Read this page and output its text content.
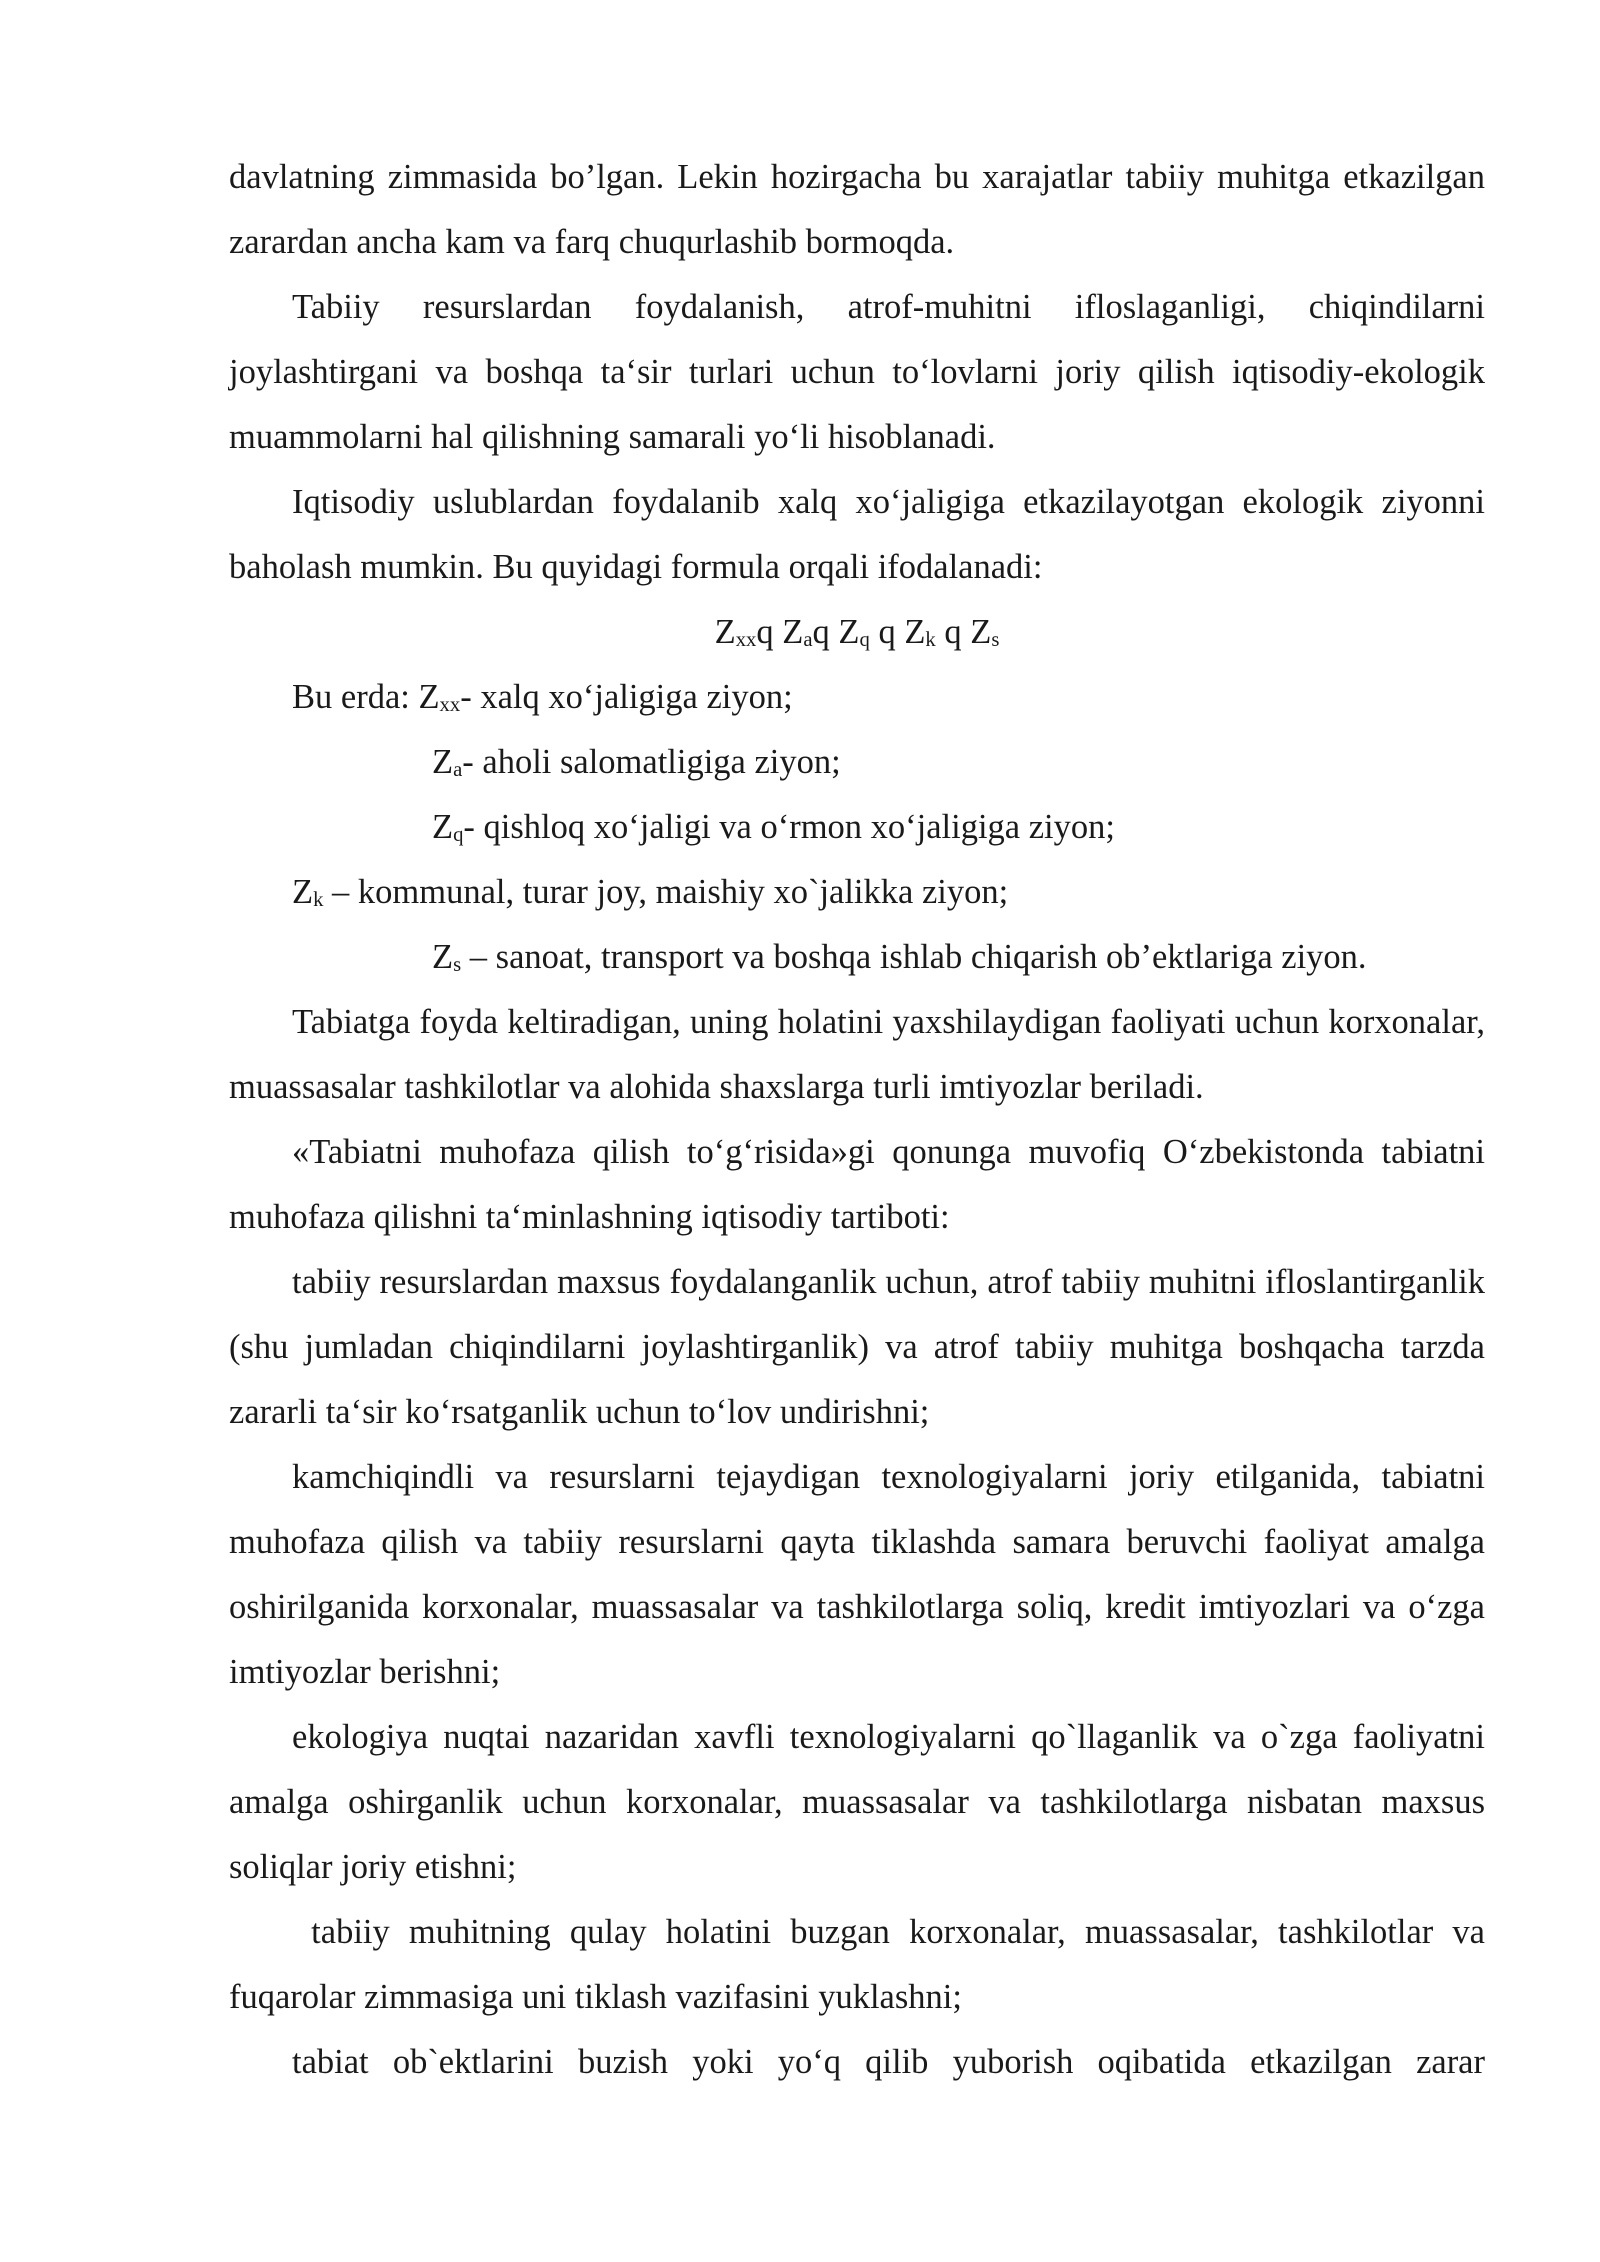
davlatning zimmasida bo’lgan. Lekin hozirgacha bu xarajatlar tabiiy muhitga etkazilgan zarardan ancha kam va farq chuqurlashib bormoqda.

Tabiiy resurslardan foydalanish, atrof-muhitni ifloslaganligi, chiqindilarni joylashtirgani va boshqa ta‘sir turlari uchun to‘lovlarni joriy qilish iqtisodiy-ekologik muammolarni hal qilishning samarali yo‘li hisoblanadi.

Iqtisodiy uslublardan foydalanib xalq xo‘jaligiga etkazilayotgan ekologik ziyonni baholash mumkin. Bu quyidagi formula orqali ifodalanadi:

$Z_{xx}q$ $Z_aq$ $Z_q$ q $Z_k$ q $Z_s$

Bu erda: $Z_{xx}-$ xalq xo‘jaligiga ziyon;

$Z_a-$ aholi salomatligiga ziyon;

$Z_q-$ qishloq xo‘jaligi va o‘rmon xo‘jaligiga ziyon;

$Z_k$ – kommunal, turar joy, maishiy xo`jalikka ziyon;

$Z_s$ – sanoat, transport va boshqa ishlab chiqarish ob’ektlariga ziyon.

Tabiatga foyda keltiradigan, uning holatini yaxshilaydigan faoliyati uchun korxonalar, muassasalar tashkilotlar va alohida shaxslarga turli imtiyozlar beriladi.

«Tabiatni muhofaza qilish to‘g‘risida»gi qonunga muvofiq O‘zbekistonda tabiatni muhofaza qilishni ta‘minlashning iqtisodiy tartiboti:

tabiiy resurslardan maxsus foydalanganlik uchun, atrof tabiiy muhitni ifloslantirganlik (shu jumladan chiqindilarni joylashtirganlik) va atrof tabiiy muhitga boshqacha tarzda zararli ta‘sir ko‘rsatganlik uchun to‘lov undirishni;

kamchiqindli va resurslarni tejaydigan texnologiyalarni joriy etilganida, tabiatni muhofaza qilish va tabiiy resurslarni qayta tiklashda samara beruvchi faoliyat amalga oshirilganida korxonalar, muassasalar va tashkilotlarga soliq, kredit imtiyozlari va o‘zga imtiyozlar berishni;

ekologiya nuqtai nazaridan xavfli texnologiyalarni qo`llaganlik va o`zga faoliyatni amalga oshirganlik uchun korxonalar, muassasalar va tashkilotlarga nisbatan maxsus soliqlar joriy etishni;

tabiiy muhitning qulay holatini buzgan korxonalar, muassasalar, tashkilotlar va fuqarolar zimmasiga uni tiklash vazifasini yuklashni;

tabiat ob`ektlarini buzish yoki yo‘q qilib yuborish oqibatida etkazilgan zarar
